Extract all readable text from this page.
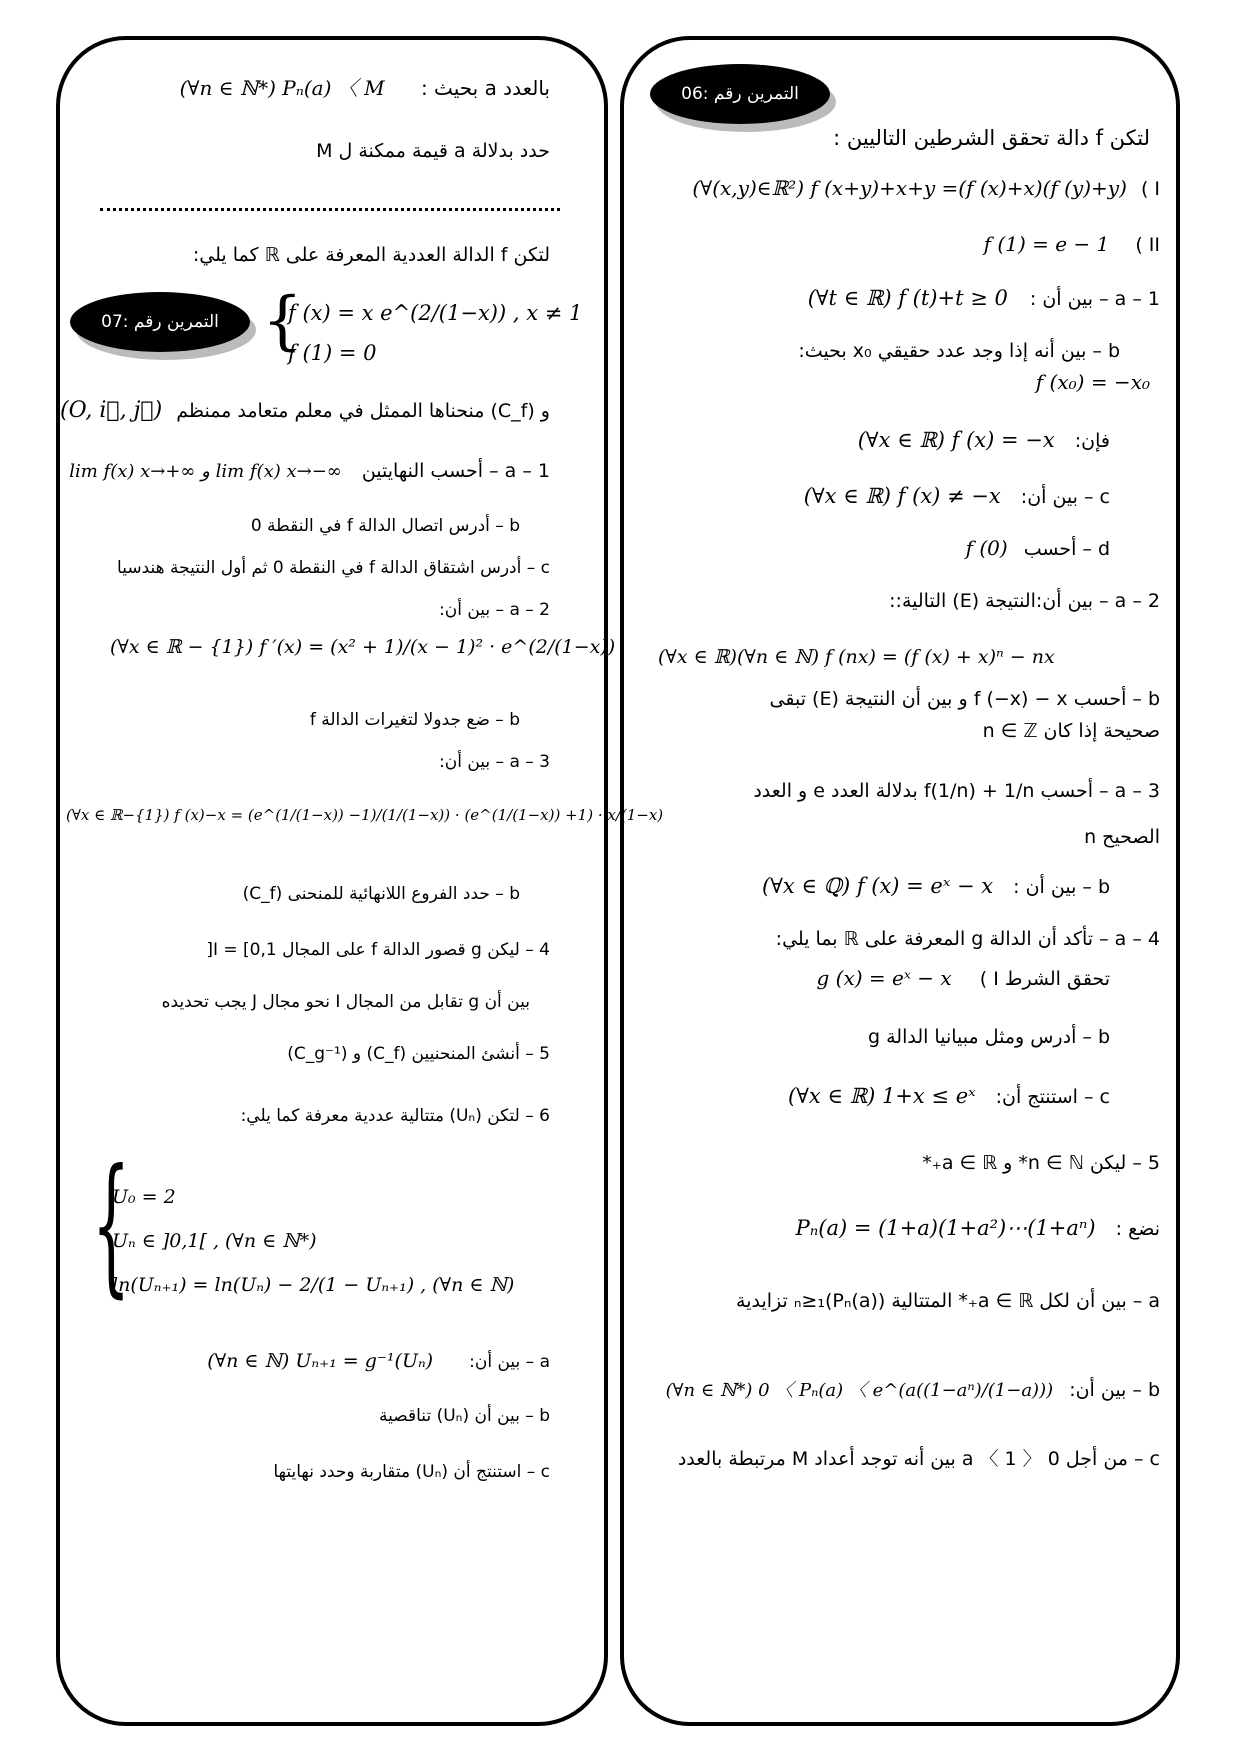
بالعدد a بحيث : (∀n ∈ ℕ*) Pₙ(a) 〈 M
حدد بدلالة a قيمة ممكنة ل M
لتكن f الدالة العددية المعرفة على ℝ كما يلي:
التمرين رقم :07 {
f (x) = x e^(2/(1−x)) , x ≠ 1
f (1) = 0
و (C_f) منحناها الممثل في معلم متعامد ممنظم (O, i⃗, j⃗)
1 – a – أحسب النهايتين lim f(x) x→+∞ و lim f(x) x→−∞
b – أدرس اتصال الدالة f في النقطة 0
c – أدرس اشتقاق الدالة f في النقطة 0 ثم أول النتيجة هندسيا
2 – a – بين أن:
(∀x ∈ ℝ − {1}) f ′(x) = (x² + 1)/(x − 1)² · e^(2/(1−x))
b – ضع جدولا لتغيرات الدالة f
3 – a – بين أن:
(∀x ∈ ℝ−{1}) f (x)−x = (e^(1/(1−x)) −1)/(1/(1−x)) · (e^(1/(1−x)) +1) · x/(1−x)
b – حدد الفروع اللانهائية للمنحنى (C_f)
4 – ليكن g قصور الدالة f على المجال I = [0,1[
بين أن g تقابل من المجال I نحو مجال J يجب تحديده
5 – أنشئ المنحنيين (C_f) و (C_g⁻¹)
6 – لتكن (Uₙ) متتالية عددية معرفة كما يلي:
{
U₀ = 2
Uₙ ∈ ]0,1[ , (∀n ∈ ℕ*)
ln(Uₙ₊₁) = ln(Uₙ) − 2/(1 − Uₙ₊₁) , (∀n ∈ ℕ)
a – بين أن: (∀n ∈ ℕ) Uₙ₊₁ = g⁻¹(Uₙ)
b – بين أن (Uₙ) تناقصية
c – استنتج أن (Uₙ) متقاربة وحدد نهايتها
التمرين رقم :06
لتكن f دالة تحقق الشرطين التاليين :
I ) (∀(x,y)∈ℝ²) f (x+y)+x+y =(f (x)+x)(f (y)+y)
II ) f (1) = e − 1
1 – a – بين أن : (∀t ∈ ℝ) f (t)+t ≥ 0
b – بين أنه إذا وجد عدد حقيقي x₀ بحيث:
f (x₀) = −x₀
فإن: (∀x ∈ ℝ) f (x) = −x
c – بين أن: (∀x ∈ ℝ) f (x) ≠ −x
d – أحسب f (0)
2 – a – بين أن:النتيجة (E) التالية::
(∀x ∈ ℝ)(∀n ∈ ℕ) f (nx) = (f (x) + x)ⁿ − nx
b – أحسب f (−x) − x و بين أن النتيجة (E) تبقى
صحيحة إذا كان n ∈ ℤ
3 – a – أحسب f(1/n) + 1/n بدلالة العدد e و العدد
الصحيح n
b – بين أن : (∀x ∈ ℚ) f (x) = eˣ − x
4 – a – تأكد أن الدالة g المعرفة على ℝ بما يلي:
تحقق الشرط I ) g (x) = eˣ − x
b – أدرس ومثل مبيانيا الدالة g
c – استنتج أن: (∀x ∈ ℝ) 1+x ≤ eˣ
5 – ليكن n ∈ ℕ* و a ∈ ℝ₊*
نضع : Pₙ(a) = (1+a)(1+a²)⋯(1+aⁿ)
a – بين أن لكل a ∈ ℝ₊* المتتالية (Pₙ(a))ₙ≥₁ تزايدية
b – بين أن: (∀n ∈ ℕ*) 0 〈 Pₙ(a) 〈 e^(a((1−aⁿ)/(1−a)))
c – من أجل 0 〈 a 〈 1 بين أنه توجد أعداد M مرتبطة بالعدد
